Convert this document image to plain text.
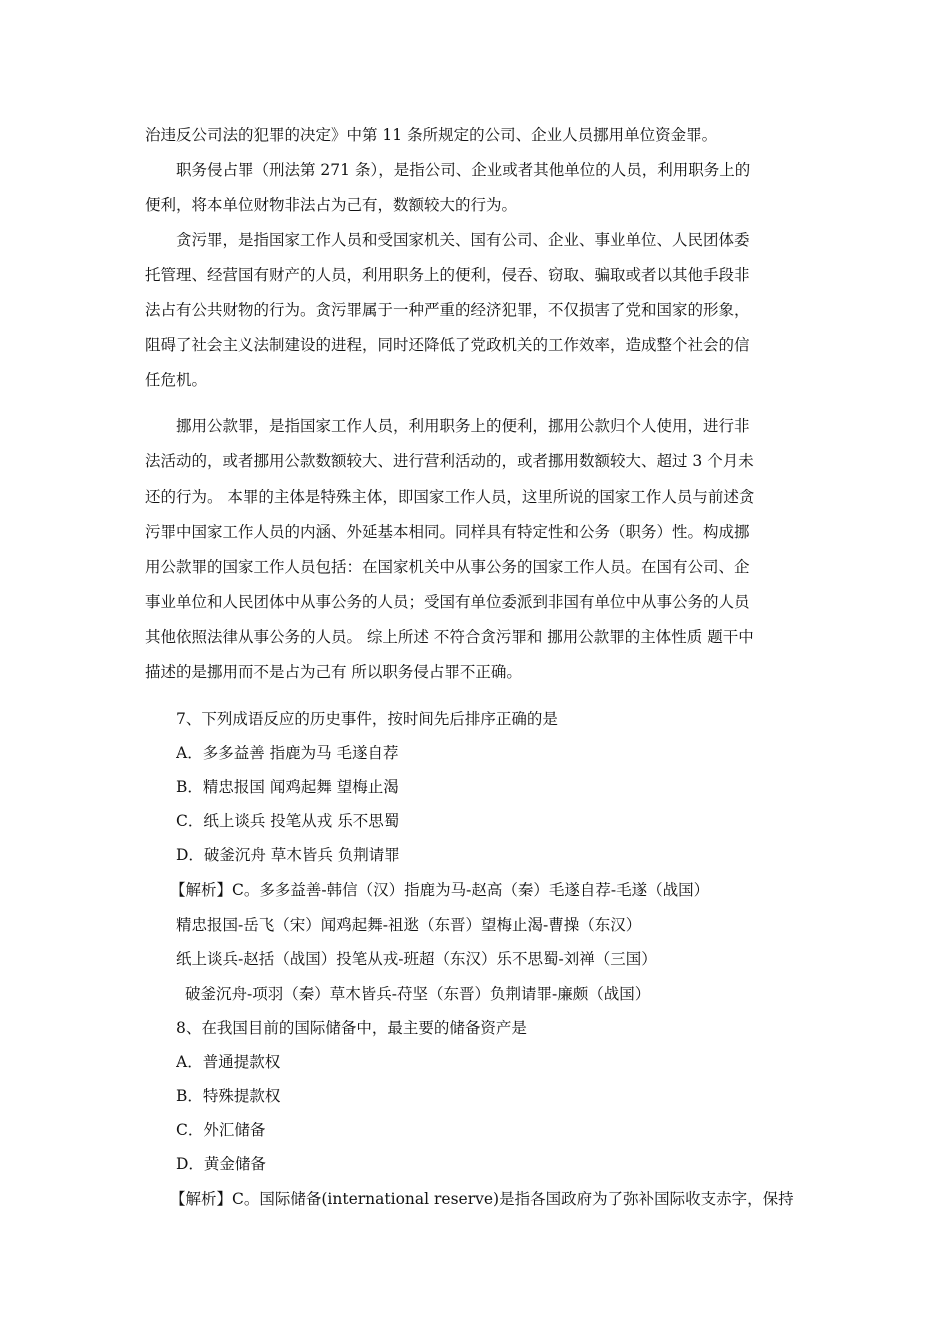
治违反公司法的犯罪的决定》中第 11 条所规定的公司、企业人员挪用单位资金罪。
职务侵占罪（刑法第 271 条），是指公司、企业或者其他单位的人员，利用职务上的
便利，将本单位财物非法占为己有，数额较大的行为。
贪污罪，是指国家工作人员和受国家机关、国有公司、企业、事业单位、人民团体委
托管理、经营国有财产的人员，利用职务上的便利，侵吞、窃取、骗取或者以其他手段非
法占有公共财物的行为。贪污罪属于一种严重的经济犯罪，不仅损害了党和国家的形象，
阻碍了社会主义法制建设的进程，同时还降低了党政机关的工作效率，造成整个社会的信
任危机。
挪用公款罪，是指国家工作人员，利用职务上的便利，挪用公款归个人使用，进行非
法活动的，或者挪用公款数额较大、进行营利活动的，或者挪用数额较大、超过 3 个月未
还的行为。 本罪的主体是特殊主体，即国家工作人员，这里所说的国家工作人员与前述贪
污罪中国家工作人员的内涵、外延基本相同。同样具有特定性和公务（职务）性。构成挪
用公款罪的国家工作人员包括：在国家机关中从事公务的国家工作人员。在国有公司、企
事业单位和人民团体中从事公务的人员；受国有单位委派到非国有单位中从事公务的人员
其他依照法律从事公务的人员。 综上所述 不符合贪污罪和 挪用公款罪的主体性质 题干中
描述的是挪用而不是占为己有 所以职务侵占罪不正确。
7、下列成语反应的历史事件，按时间先后排序正确的是
A．多多益善 指鹿为马 毛遂自荐
B．精忠报国 闻鸡起舞 望梅止渴
C．纸上谈兵 投笔从戎 乐不思蜀
D．破釜沉舟 草木皆兵 负荆请罪
【解析】C。多多益善-韩信（汉）指鹿为马-赵高（秦）毛遂自荐-毛遂（战国）
精忠报国-岳飞（宋）闻鸡起舞-祖逖（东晋）望梅止渴-曹操（东汉）
纸上谈兵-赵括（战国）投笔从戎-班超（东汉）乐不思蜀-刘禅（三国）
破釜沉舟-项羽（秦）草木皆兵-苻坚（东晋）负荆请罪-廉颇（战国）
8、在我国目前的国际储备中，最主要的储备资产是
A．普通提款权
B．特殊提款权
C．外汇储备
D．黄金储备
【解析】C。国际储备(international reserve)是指各国政府为了弥补国际收支赤字，保持
